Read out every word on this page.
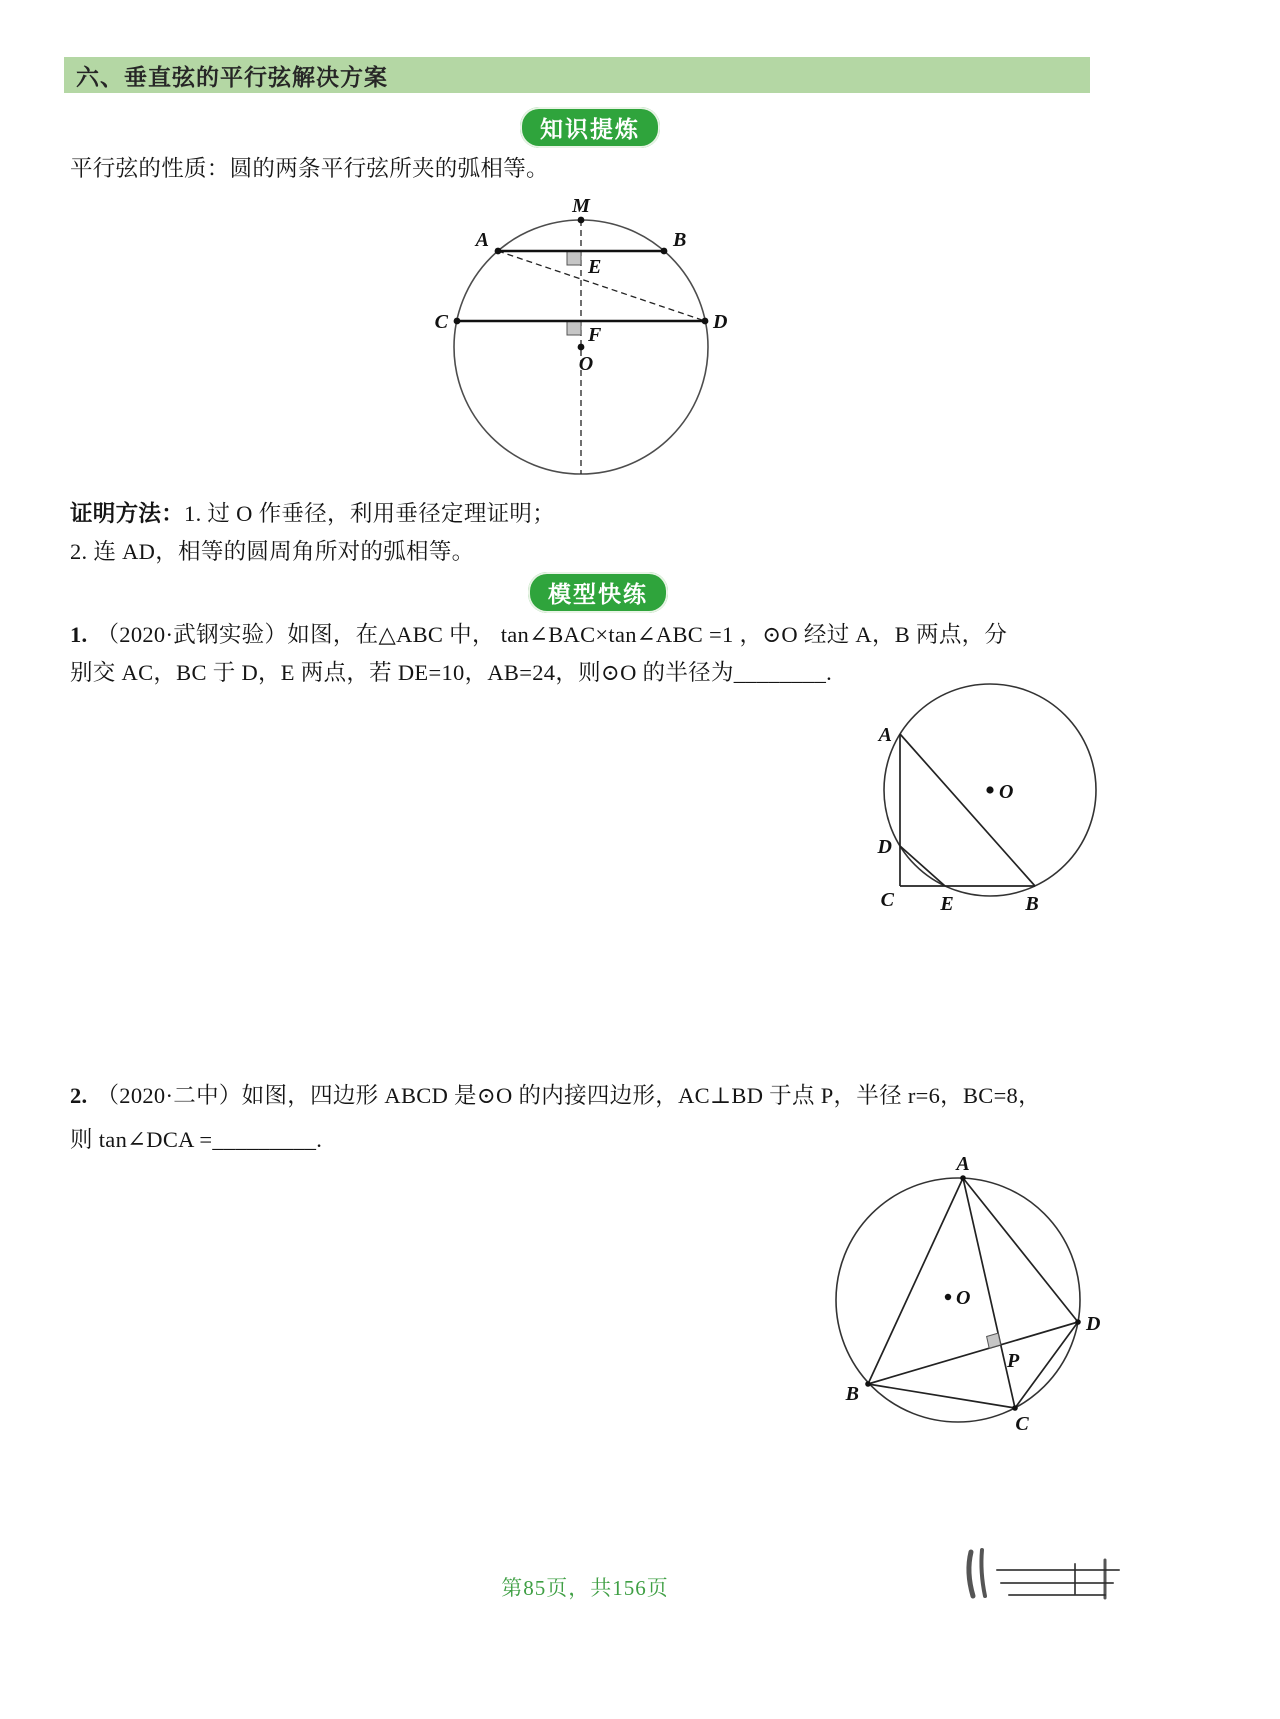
六、垂直弦的平行弦解决方案
知识提炼
平行弦的性质：圆的两条平行弦所夹的弧相等。
M
A	B
E
C	D
F
O
证明方法：1. 过 O 作垂径，利用垂径定理证明；
2. 连 AD，相等的圆周角所对的弧相等。
模型快练
1. （2020·武钢实验）如图，在△ABC 中， tan∠BAC×tan∠ABC =1 ，⊙O 经过 A，B 两点，分
别交 AC，BC 于 D，E 两点，若 DE=10，AB=24，则⊙O 的半径为________.
A
D
C E	B
O
2. （2020·二中）如图，四边形 ABCD 是⊙O 的内接四边形，AC⊥BD 于点 P，半径 r=6，BC=8，
则 tan∠DCA =_________.
A
B
C
D
P
O
第85页，共156页
